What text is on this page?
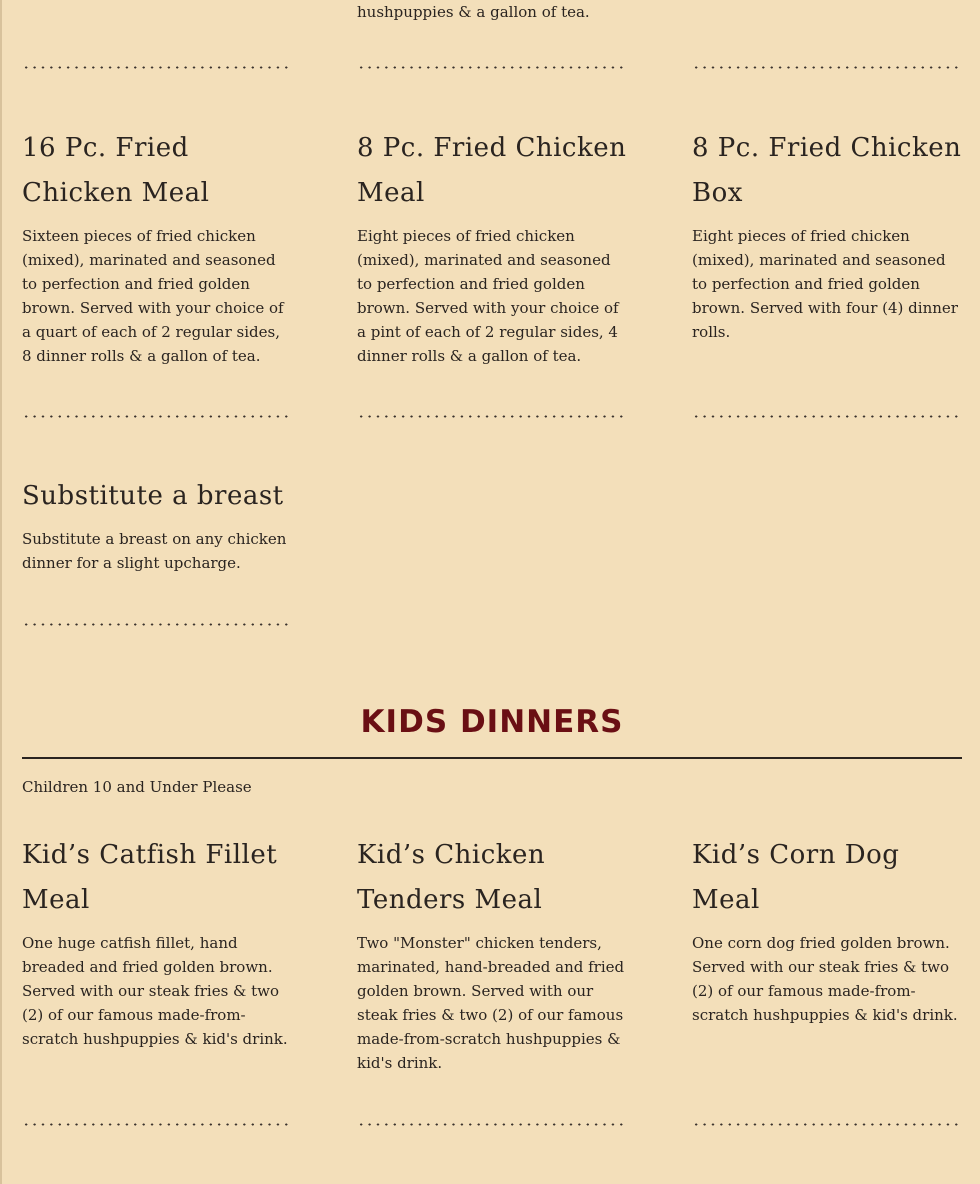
hushpuppies & a gallon of tea.
16 Pc. Fried Chicken Meal
Sixteen pieces of fried chicken (mixed), marinated and seasoned to perfection and fried golden brown. Served with your choice of a quart of each of 2 regular sides, 8 dinner rolls & a gallon of tea.
8 Pc. Fried Chicken Meal
Eight pieces of fried chicken (mixed), marinated and seasoned to perfection and fried golden brown. Served with your choice of a pint of each of 2 regular sides, 4 dinner rolls & a gallon of tea.
8 Pc. Fried Chicken Box
Eight pieces of fried chicken (mixed), marinated and seasoned to perfection and fried golden brown. Served with four (4) dinner rolls.
Substitute a breast
Substitute a breast on any chicken dinner for a slight upcharge.
KIDS DINNERS
Children 10 and Under Please
Kid’s Catfish Fillet Meal
One huge catfish fillet, hand breaded and fried golden brown. Served with our steak fries & two (2) of our famous made-from-scratch hushpuppies & kid's drink.
Kid’s Chicken Tenders Meal
Two "Monster" chicken tenders, marinated, hand-breaded and fried golden brown. Served with our steak fries & two (2) of our famous made-from-scratch hushpuppies & kid's drink.
Kid’s Corn Dog Meal
One corn dog fried golden brown. Served with our steak fries & two (2) of our famous made-from-scratch hushpuppies & kid's drink.
